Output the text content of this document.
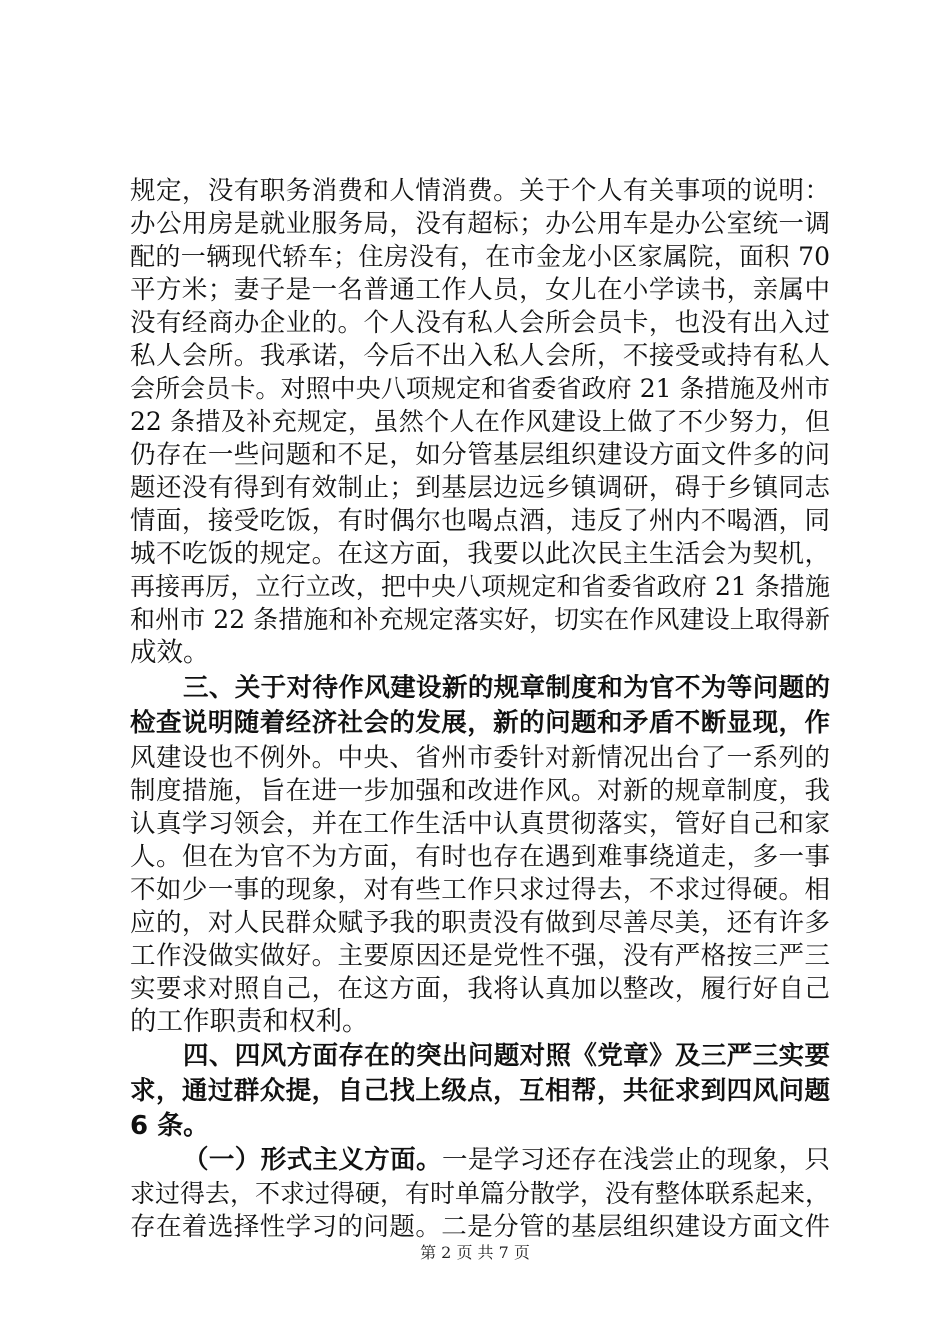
规定，没有职务消费和人情消费。关于个人有关事项的说明：
办公用房是就业服务局，没有超标；办公用车是办公室统一调
配的一辆现代轿车；住房没有，在市金龙小区家属院，面积 70
平方米；妻子是一名普通工作人员，女儿在小学读书，亲属中
没有经商办企业的。个人没有私人会所会员卡，也没有出入过
私人会所。我承诺，今后不出入私人会所，不接受或持有私人
会所会员卡。对照中央八项规定和省委省政府 21 条措施及州市
22 条措及补充规定，虽然个人在作风建设上做了不少努力，但
仍存在一些问题和不足，如分管基层组织建设方面文件多的问
题还没有得到有效制止；到基层边远乡镇调研，碍于乡镇同志
情面，接受吃饭，有时偶尔也喝点酒，违反了州内不喝酒，同
城不吃饭的规定。在这方面，我要以此次民主生活会为契机，
再接再厉，立行立改，把中央八项规定和省委省政府 21 条措施
和州市 22 条措施和补充规定落实好，切实在作风建设上取得新
成效。
三、关于对待作风建设新的规章制度和为官不为等问题的
检查说明随着经济社会的发展，新的问题和矛盾不断显现，作
风建设也不例外。中央、省州市委针对新情况出台了一系列的
制度措施，旨在进一步加强和改进作风。对新的规章制度，我
认真学习领会，并在工作生活中认真贯彻落实，管好自己和家
人。但在为官不为方面，有时也存在遇到难事绕道走，多一事
不如少一事的现象，对有些工作只求过得去，不求过得硬。相
应的，对人民群众赋予我的职责没有做到尽善尽美，还有许多
工作没做实做好。主要原因还是党性不强，没有严格按三严三
实要求对照自己，在这方面，我将认真加以整改，履行好自己
的工作职责和权利。
四、四风方面存在的突出问题对照《党章》及三严三实要
求，通过群众提，自己找上级点，互相帮，共征求到四风问题
6 条。
（一）形式主义方面。一是学习还存在浅尝止的现象，只
求过得去，不求过得硬，有时单篇分散学，没有整体联系起来，
存在着选择性学习的问题。二是分管的基层组织建设方面文件
第 2 页 共 7 页
